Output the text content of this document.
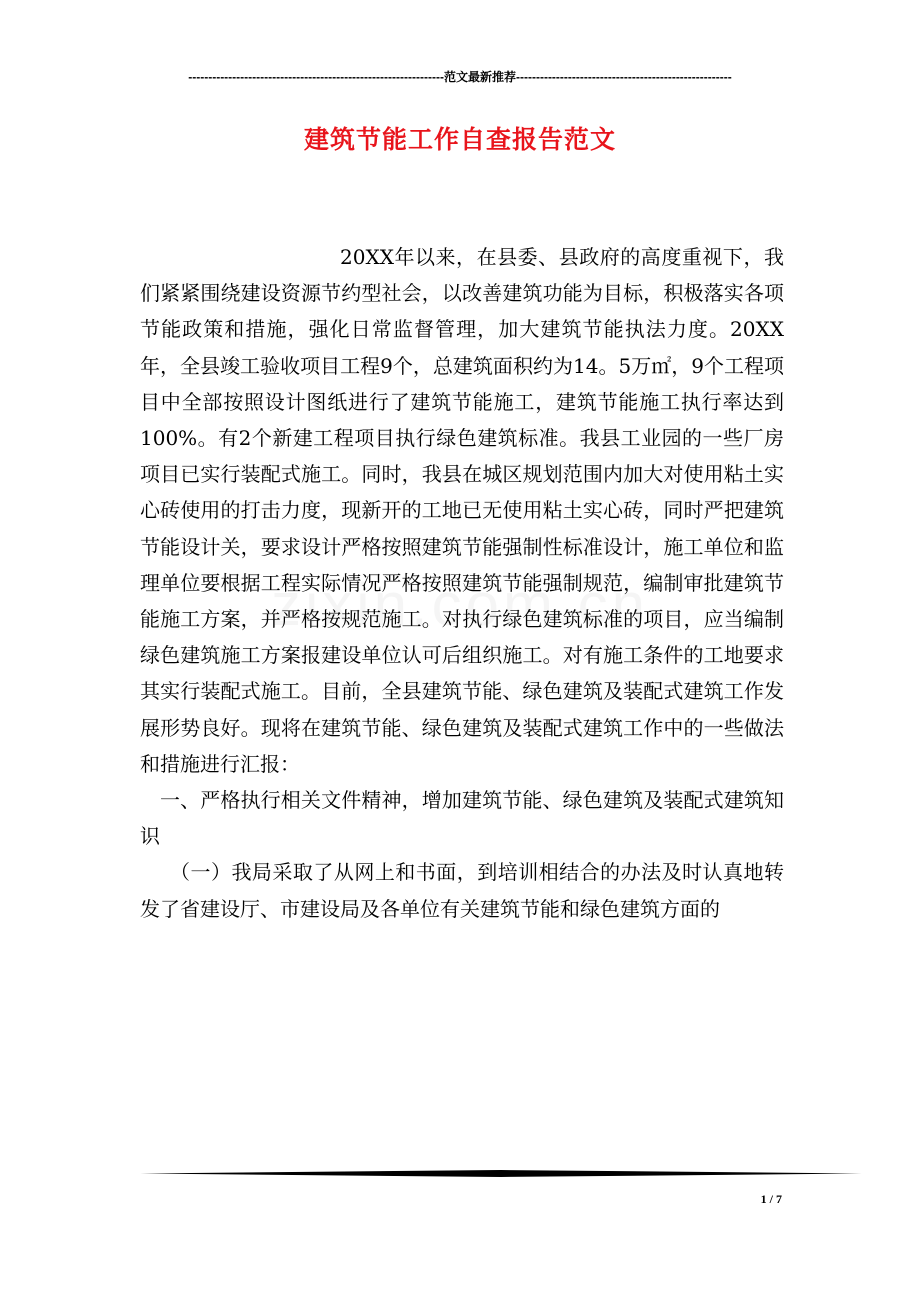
----------------------------------------------------------------范文最新推荐------------------------------------------------------
建筑节能工作自查报告范文

20XX年以来，在县委、县政府的高度重视下，我们紧紧围绕建设资源节约型社会，以改善建筑功能为目标，积极落实各项节能政策和措施，强化日常监督管理，加大建筑节能执法力度。20XX年，全县竣工验收项目工程9个，总建筑面积约为14。5万㎡，9个工程项目中全部按照设计图纸进行了建筑节能施工，建筑节能施工执行率达到100%。有2个新建工程项目执行绿色建筑标准。我县工业园的一些厂房项目已实行装配式施工。同时，我县在城区规划范围内加大对使用粘土实心砖使用的打击力度，现新开的工地已无使用粘土实心砖，同时严把建筑节能设计关，要求设计严格按照建筑节能强制性标准设计，施工单位和监理单位要根据工程实际情况严格按照建筑节能强制规范，编制审批建筑节能施工方案，并严格按规范施工。对执行绿色建筑标准的项目，应当编制绿色建筑施工方案报建设单位认可后组织施工。对有施工条件的工地要求其实行装配式施工。目前，全县建筑节能、绿色建筑及装配式建筑工作发展形势良好。现将在建筑节能、绿色建筑及装配式建筑工作中的一些做法和措施进行汇报：

一、严格执行相关文件精神，增加建筑节能、绿色建筑及装配式建筑知识

（一）我局采取了从网上和书面，到培训相结合的办法及时认真地转发了省建设厅、市建设局及各单位有关建筑节能和绿色建筑方面的

1 / 7
